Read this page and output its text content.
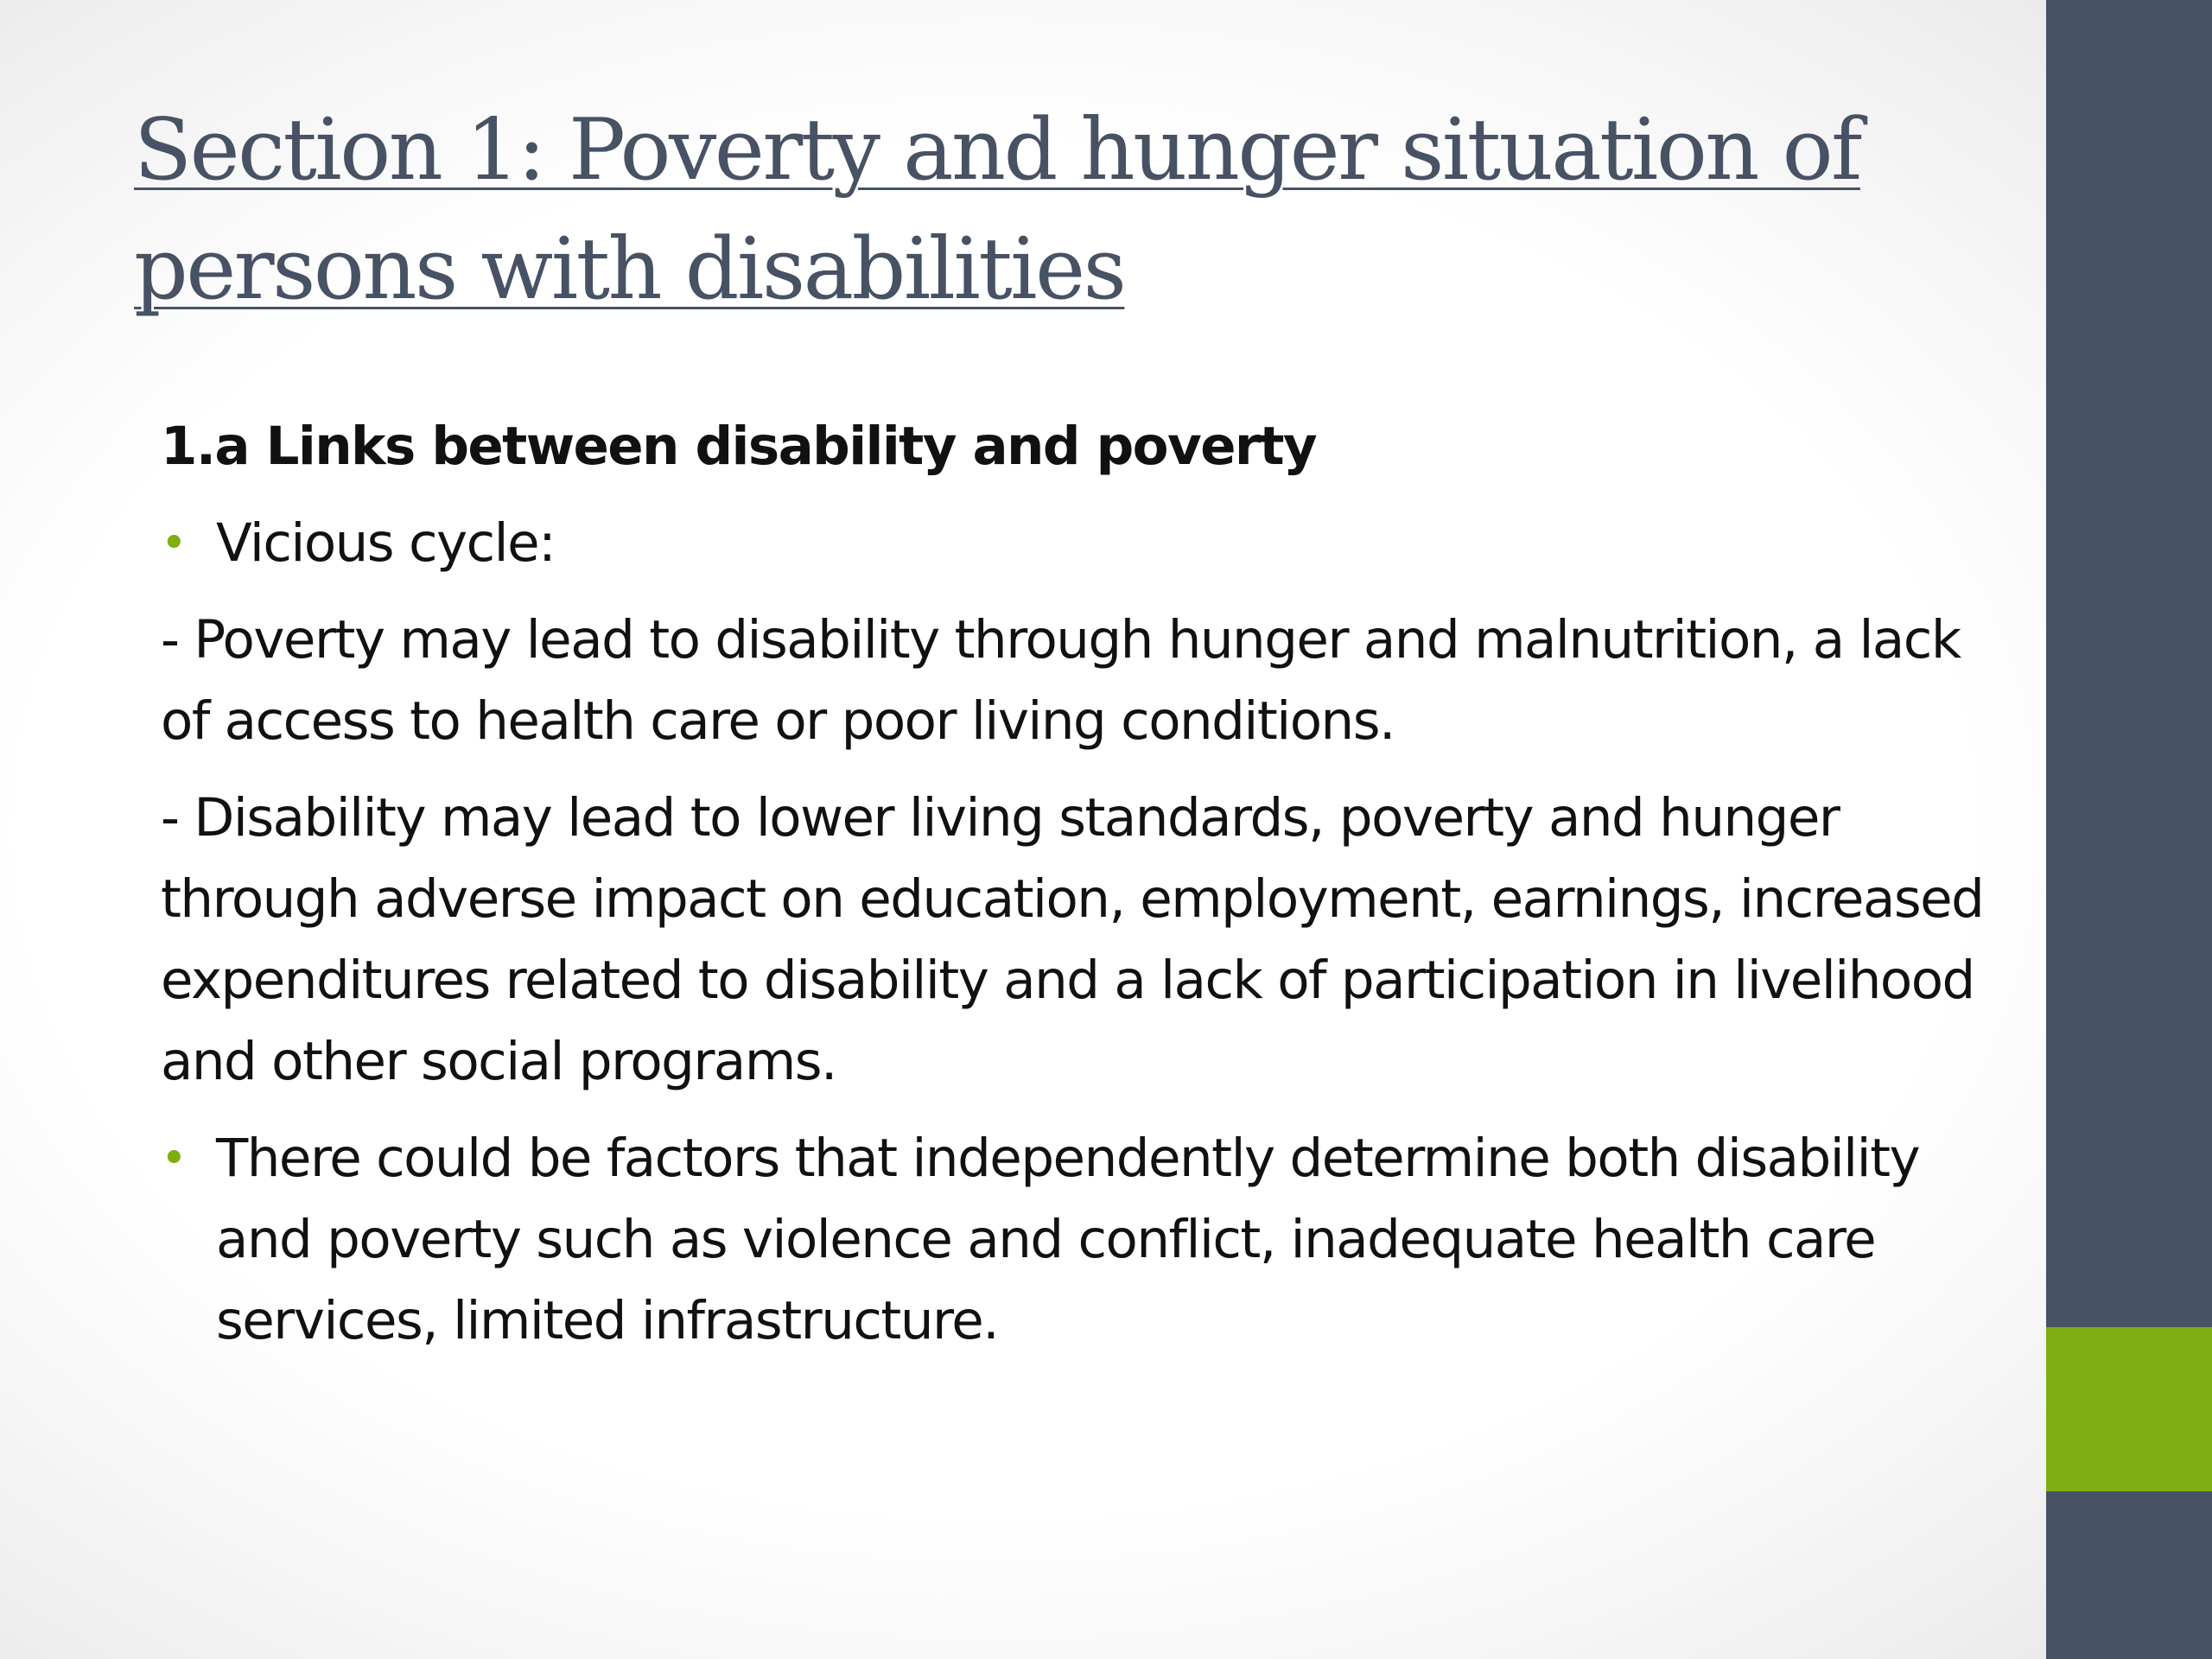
Section 1: Poverty and hunger situation of persons with disabilities

1.a Links between disability and poverty

• Vicious cycle:

- Poverty may lead to disability through hunger and malnutrition, a lack of access to health care or poor living conditions.

- Disability may lead to lower living standards, poverty and hunger through adverse impact on education, employment, earnings, increased expenditures related to disability and a lack of participation in livelihood and other social programs.

• There could be factors that independently determine both disability and poverty such as violence and conflict, inadequate health care services, limited infrastructure.
